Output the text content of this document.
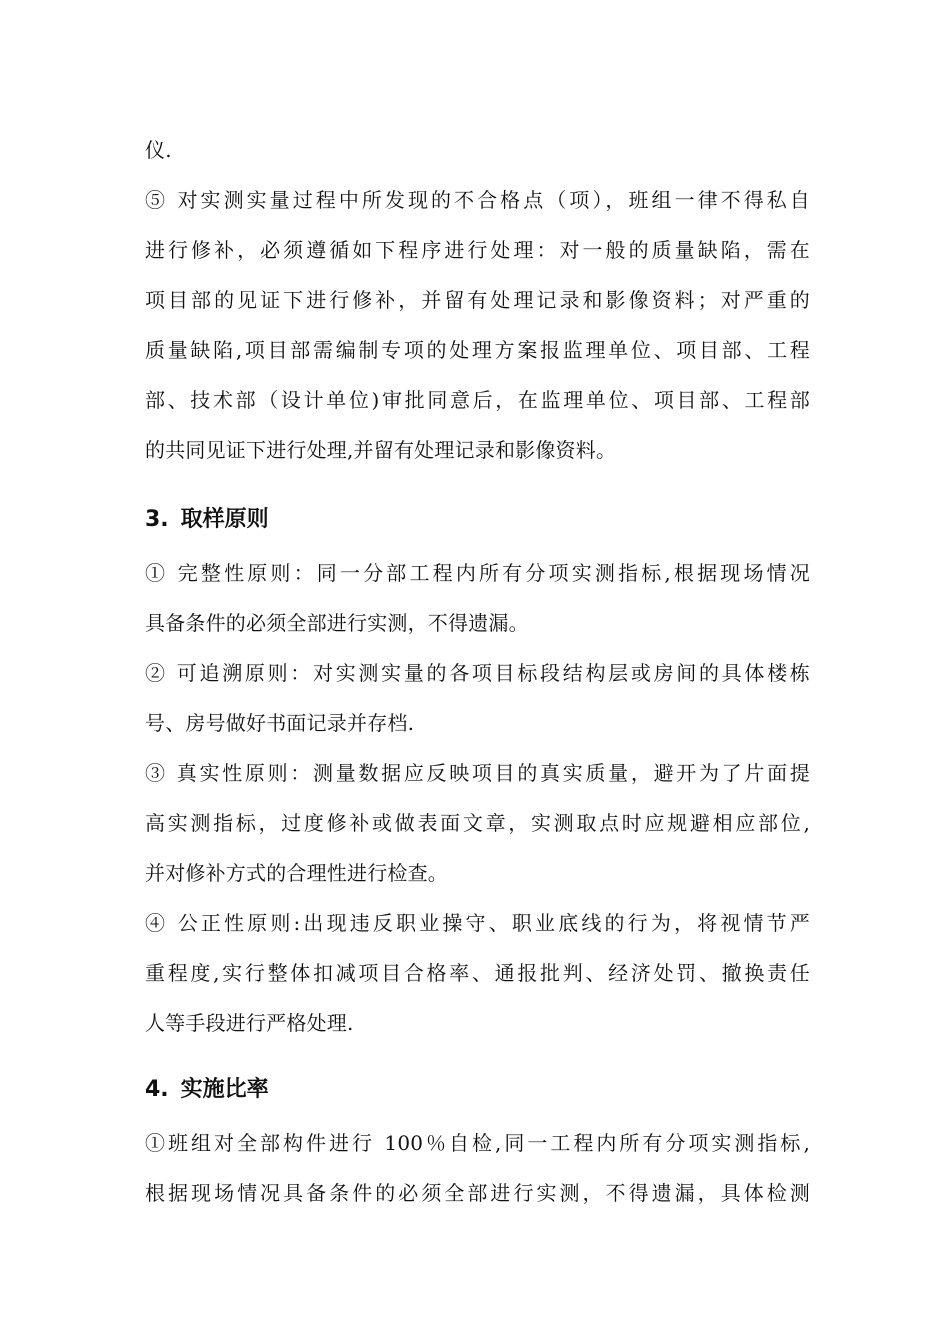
仪.
⑤ 对实测实量过程中所发现的不合格点（项），班组一律不得私自
进行修补，必须遵循如下程序进行处理：对一般的质量缺陷，需在
项目部的见证下进行修补，并留有处理记录和影像资料；对严重的
质量缺陷,项目部需编制专项的处理方案报监理单位、项目部、工程
部、技术部（设计单位)审批同意后，在监理单位、项目部、工程部
的共同见证下进行处理,并留有处理记录和影像资料。
3. 取样原则
① 完整性原则：同一分部工程内所有分项实测指标,根据现场情况
具备条件的必须全部进行实测，不得遗漏。
② 可追溯原则：对实测实量的各项目标段结构层或房间的具体楼栋
号、房号做好书面记录并存档.
③ 真实性原则：测量数据应反映项目的真实质量，避开为了片面提
高实测指标，过度修补或做表面文章，实测取点时应规避相应部位,
并对修补方式的合理性进行检查。
④ 公正性原则:出现违反职业操守、职业底线的行为，将视情节严
重程度,实行整体扣减项目合格率、通报批判、经济处罚、撤换责任
人等手段进行严格处理.
4. 实施比率
①班组对全部构件进行 100％自检,同一工程内所有分项实测指标,
根据现场情况具备条件的必须全部进行实测，不得遗漏，具体检测
